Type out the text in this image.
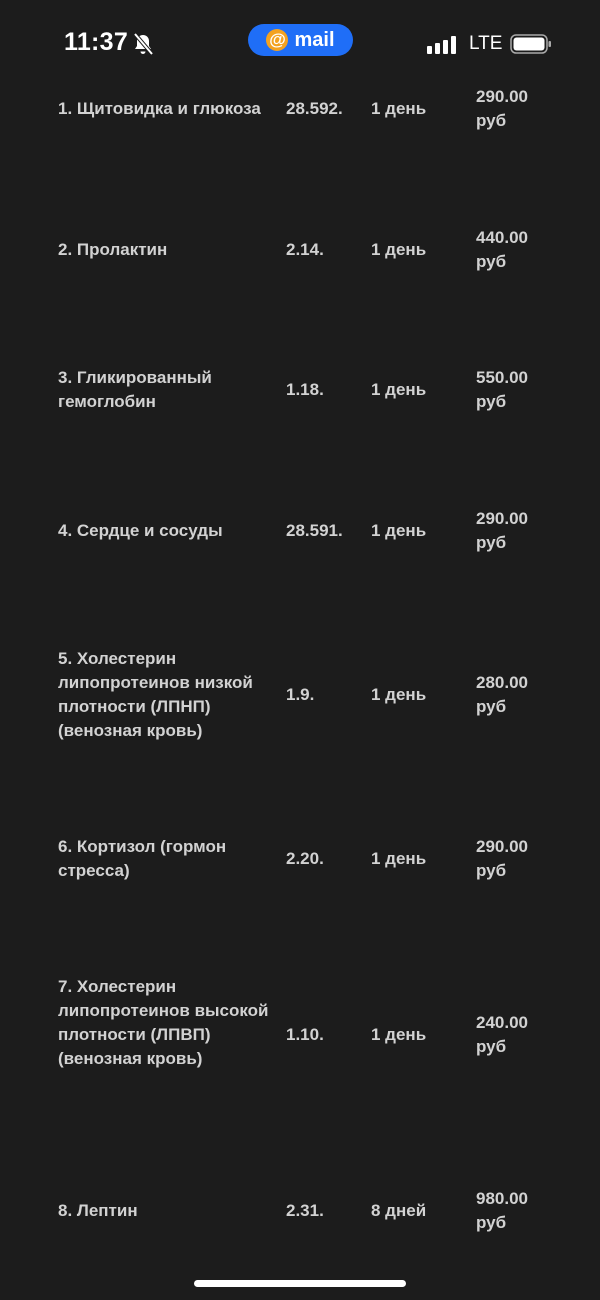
11:37	@ mail	LTE
1. Щитовидка и глюкоза	28.592. 1 день
290.00
руб
2. Пролактин	2.14.	1 день
440.00
руб
3. Гликированный гемоглобин
1.18.	1 день
550.00
руб
4. Сердце и сосуды	28.591. 1 день
290.00
руб
5. Холестерин липопротеинов низкой плотности (ЛПНП) (венозная кровь)
1.9.	1 день
280.00
руб
6. Кортизол (гормон стресса)
2.20.	1 день
290.00
руб
7. Холестерин липопротеинов высокой плотности (ЛПВП) (венозная кровь)
1.10.	1 день
240.00
руб
8. Лептин	2.31.	8 дней
980.00
руб
